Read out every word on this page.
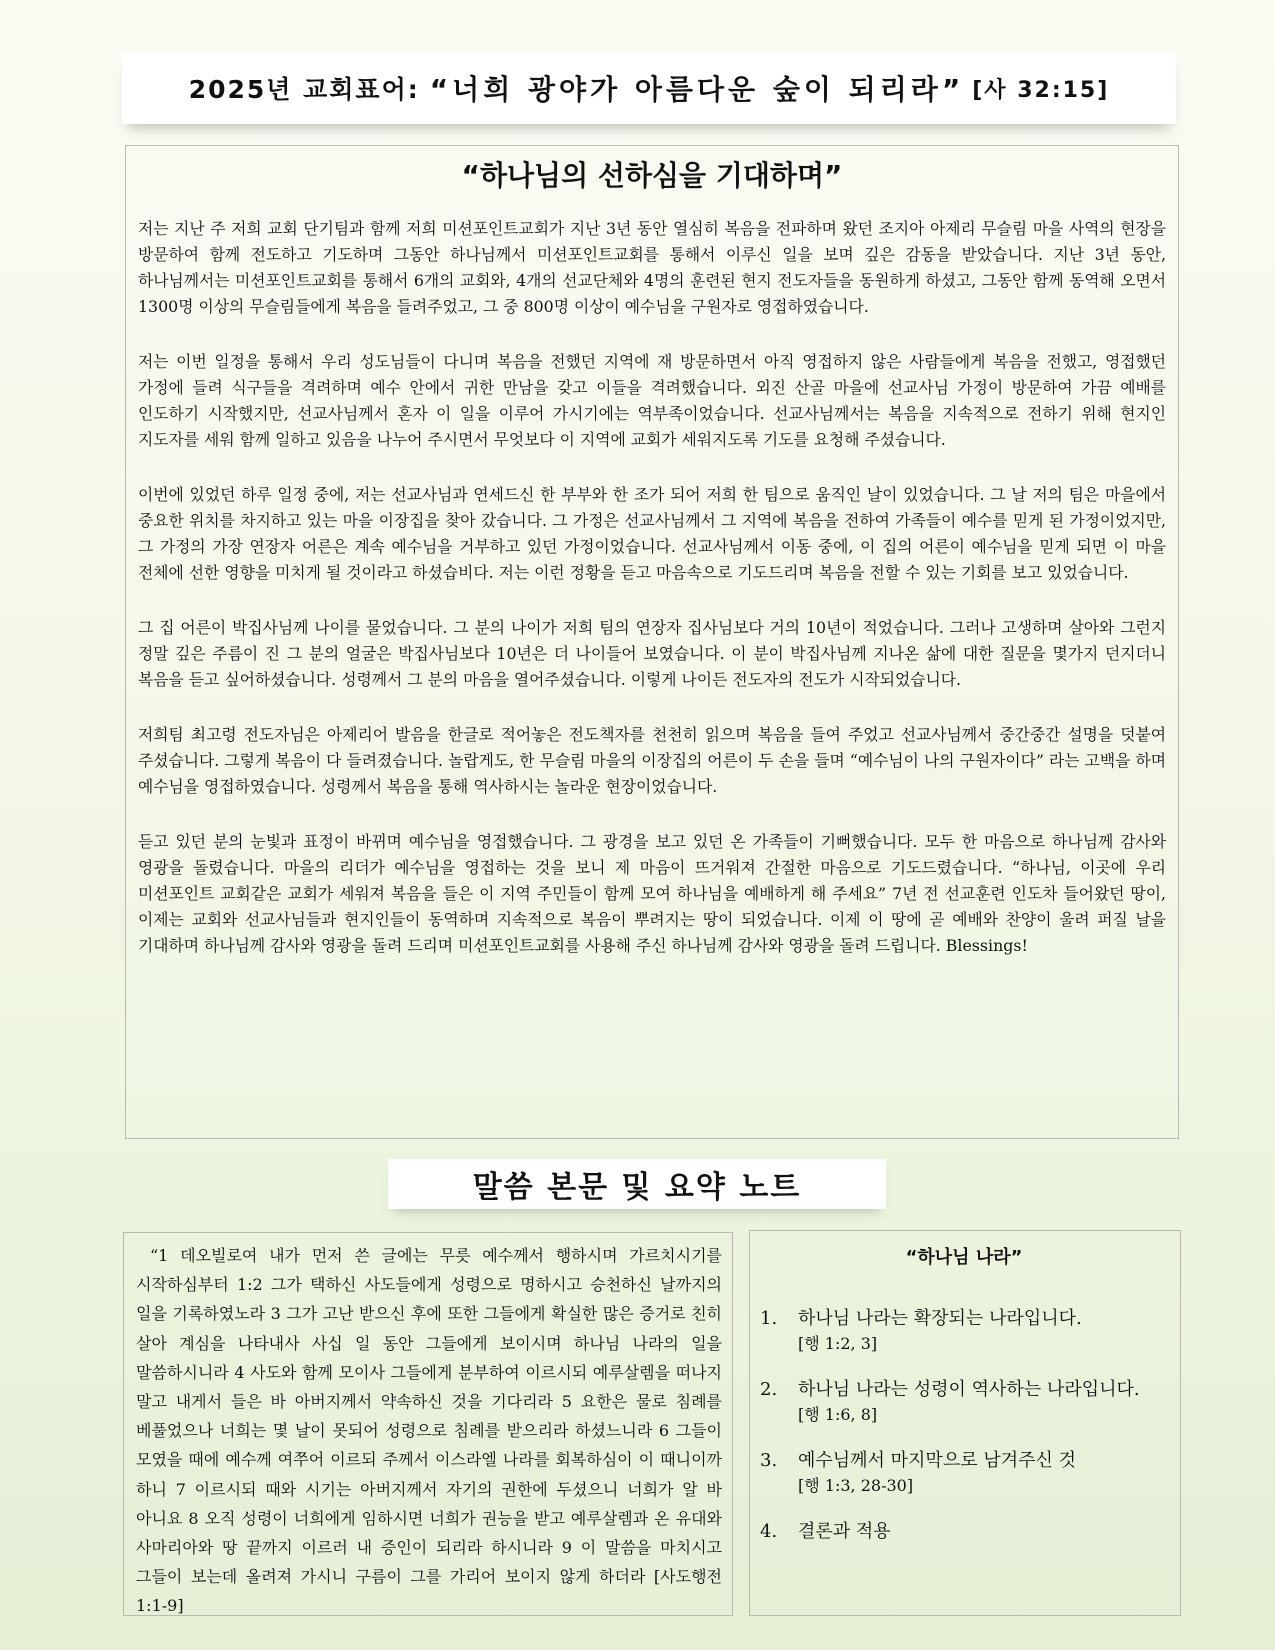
2025년 교회표어: “너희 광야가 아름다운 숲이 되리라” [사 32:15]
“하나님의 선하심을 기대하며”

저는 지난 주 저희 교회 단기팀과 함께 저희 미션포인트교회가 지난 3년 동안 열심히 복음을 전파하며 왔던 조지아 아제리 무슬림 마을 사역의 현장을 방문하여 함께 전도하고 기도하며 그동안 하나님께서 미션포인트교회를 통해서 이루신 일을 보며 깊은 감동을 받았습니다. 지난 3년 동안, 하나님께서는 미션포인트교회를 통해서 6개의 교회와, 4개의 선교단체와 4명의 훈련된 현지 전도자들을 동원하게 하셨고, 그동안 함께 동역해 오면서 1300명 이상의 무슬림들에게 복음을 들려주었고, 그 중 800명 이상이 예수님을 구원자로 영접하였습니다.

저는 이번 일정을 통해서 우리 성도님들이 다니며 복음을 전했던 지역에 재 방문하면서 아직 영접하지 않은 사람들에게 복음을 전했고, 영접했던 가정에 들려 식구들을 격려하며 예수 안에서 귀한 만남을 갖고 이들을 격려했습니다. 외진 산골 마을에 선교사님 가정이 방문하여 가끔 예배를 인도하기 시작했지만, 선교사님께서 혼자 이 일을 이루어 가시기에는 역부족이었습니다. 선교사님께서는 복음을 지속적으로 전하기 위해 현지인 지도자를 세워 함께 일하고 있음을 나누어 주시면서 무엇보다 이 지역에 교회가 세워지도록 기도를 요청해 주셨습니다.

이번에 있었던 하루 일정 중에, 저는 선교사님과 연세드신 한 부부와 한 조가 되어 저희 한 팀으로 움직인 날이 있었습니다. 그 날 저의 팀은 마을에서 중요한 위치를 차지하고 있는 마을 이장집을 찾아 갔습니다. 그 가정은 선교사님께서 그 지역에 복음을 전하여 가족들이 예수를 믿게 된 가정이었지만, 그 가정의 가장 연장자 어른은 계속 예수님을 거부하고 있던 가정이었습니다. 선교사님께서 이동 중에, 이 집의 어른이 예수님을 믿게 되면 이 마을 전체에 선한 영향을 미치게 될 것이라고 하셨습비다. 저는 이런 정황을 듣고 마음속으로 기도드리며 복음을 전할 수 있는 기회를 보고 있었습니다.

그 집 어른이 박집사님께 나이를 물었습니다. 그 분의 나이가 저희 팀의 연장자 집사님보다 거의 10년이 적었습니다. 그러나 고생하며 살아와 그런지 정말 깊은 주름이 진 그 분의 얼굴은 박집사님보다 10년은 더 나이들어 보였습니다. 이 분이 박집사님께 지나온 삶에 대한 질문을 몇가지 던지더니 복음을 듣고 싶어하셨습니다. 성령께서 그 분의 마음을 열어주셨습니다. 이렇게 나이든 전도자의 전도가 시작되었습니다.

저희팀 최고령 전도자님은 아제리어 발음을 한글로 적어놓은 전도책자를 천천히 읽으며 복음을 들여 주었고 선교사님께서 중간중간 설명을 덧붙여 주셨습니다. 그렇게 복음이 다 들려졌습니다. 놀랍게도, 한 무슬림 마을의 이장집의 어른이 두 손을 들며 “예수님이 나의 구원자이다” 라는 고백을 하며 예수님을 영접하였습니다. 성령께서 복음을 통해 역사하시는 놀라운 현장이었습니다.

듣고 있던 분의 눈빛과 표정이 바뀌며 예수님을 영접했습니다. 그 광경을 보고 있던 온 가족들이 기뻐했습니다. 모두 한 마음으로 하나님께 감사와 영광을 돌렸습니다. 마을의 리더가 예수님을 영접하는 것을 보니 제 마음이 뜨거워져 간절한 마음으로 기도드렸습니다. “하나님, 이곳에 우리 미션포인트 교회같은 교회가 세워져 복음을 들은 이 지역 주민들이 함께 모여 하나님을 예배하게 해 주세요” 7년 전 선교훈련 인도차 들어왔던 땅이, 이제는 교회와 선교사님들과 현지인들이 동역하며 지속적으로 복음이 뿌려지는 땅이 되었습니다. 이제 이 땅에 곧 예배와 찬양이 울려 퍼질 날을 기대하며 하나님께 감사와 영광을 돌려 드리며 미션포인트교회를 사용해 주신 하나님께 감사와 영광을 돌려 드립니다. Blessings!

말씀 본문 및 요약 노트

“1 데오빌로여 내가 먼저 쓴 글에는 무릇 예수께서 행하시며 가르치시기를 시작하심부터 1:2 그가 택하신 사도들에게 성령으로 명하시고 승천하신 날까지의 일을 기록하였노라 3 그가 고난 받으신 후에 또한 그들에게 확실한 많은 증거로 친히 살아 계심을 나타내사 사십 일 동안 그들에게 보이시며 하나님 나라의 일을 말씀하시니라 4 사도와 함께 모이사 그들에게 분부하여 이르시되 예루살렘을 떠나지 말고 내게서 들은 바 아버지께서 약속하신 것을 기다리라 5 요한은 물로 침례를 베풀었으나 너희는 몇 날이 못되어 성령으로 침례를 받으리라 하셨느니라 6 그들이 모였을 때에 예수께 여쭈어 이르되 주께서 이스라엘 나라를 회복하심이 이 때니이까 하니 7 이르시되 때와 시기는 아버지께서 자기의 권한에 두셨으니 너희가 알 바 아니요 8 오직 성령이 너희에게 임하시면 너희가 권능을 받고 예루살렘과 온 유대와 사마리아와 땅 끝까지 이르러 내 증인이 되리라 하시니라 9 이 말씀을 마치시고 그들이 보는데 올려져 가시니 구름이 그를 가리어 보이지 않게 하더라 [사도행전 1:1-9]

“하나님 나라”
1.	하나님 나라는 확장되는 나라입니다.
[행 1:2, 3]
2.	하나님 나라는 성령이 역사하는 나라입니다.
[행 1:6, 8]
3.	예수님께서 마지막으로 남겨주신 것
[행 1:3, 28-30]
4.	결론과 적용
